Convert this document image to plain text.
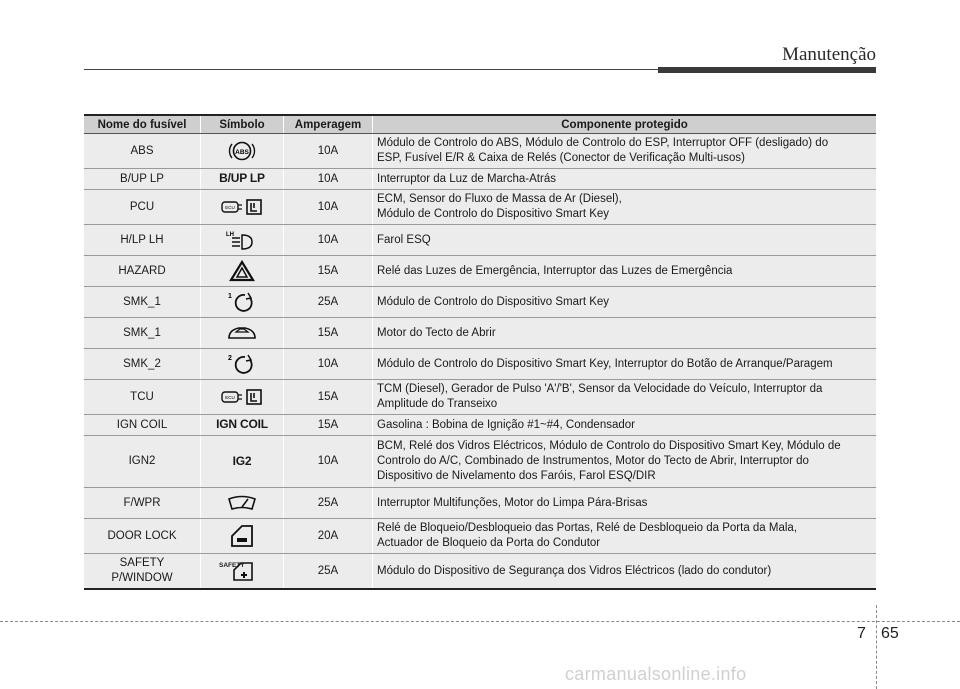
Manutenção
Nome do fusível	Símbolo	Amperagem	Componente protegido
ABS	ABS	10A	Módulo de Controlo do ABS, Módulo de Controlo do ESP, Interruptor OFF (desligado) do
ESP, Fusível E/R & Caixa de Relés (Conector de Verificação Multi-usos)
B/UP LP	B/UP LP	10A	Interruptor da Luz de Marcha-Atrás
PCU	ECU	10A	ECM, Sensor do Fluxo de Massa de Ar (Diesel),
Módulo de Controlo do Dispositivo Smart Key
H/LP LH	LH	10A	Farol ESQ
HAZARD		15A	Relé das Luzes de Emergência, Interruptor das Luzes de Emergência
SMK_1	1	25A	Módulo de Controlo do Dispositivo Smart Key
SMK_1		15A	Motor do Tecto de Abrir
SMK_2	2	10A	Módulo de Controlo do Dispositivo Smart Key, Interruptor do Botão de Arranque/Paragem
TCU	ECU	15A	TCM (Diesel), Gerador de Pulso 'A'/'B', Sensor da Velocidade do Veículo, Interruptor da
Amplitude do Transeixo
IGN COIL	IGN COIL	15A	Gasolina : Bobina de Ignição #1~#4, Condensador
IGN2	IG2	10A	BCM, Relé dos Vidros Eléctricos, Módulo de Controlo do Dispositivo Smart Key, Módulo de
Controlo do A/C, Combinado de Instrumentos, Motor do Tecto de Abrir, Interruptor do
Dispositivo de Nivelamento dos Faróis, Farol ESQ/DIR
F/WPR		25A	Interruptor Multifunções, Motor do Limpa Pára-Brisas
DOOR LOCK		20A	Relé de Bloqueio/Desbloqueio das Portas, Relé de Desbloqueio da Porta da Mala,
Actuador de Bloqueio da Porta do Condutor
SAFETY
P/WINDOW	SAFETY	25A	Módulo do Dispositivo de Segurança dos Vidros Eléctricos (lado do condutor)
7 65
carmanualsonline.info
